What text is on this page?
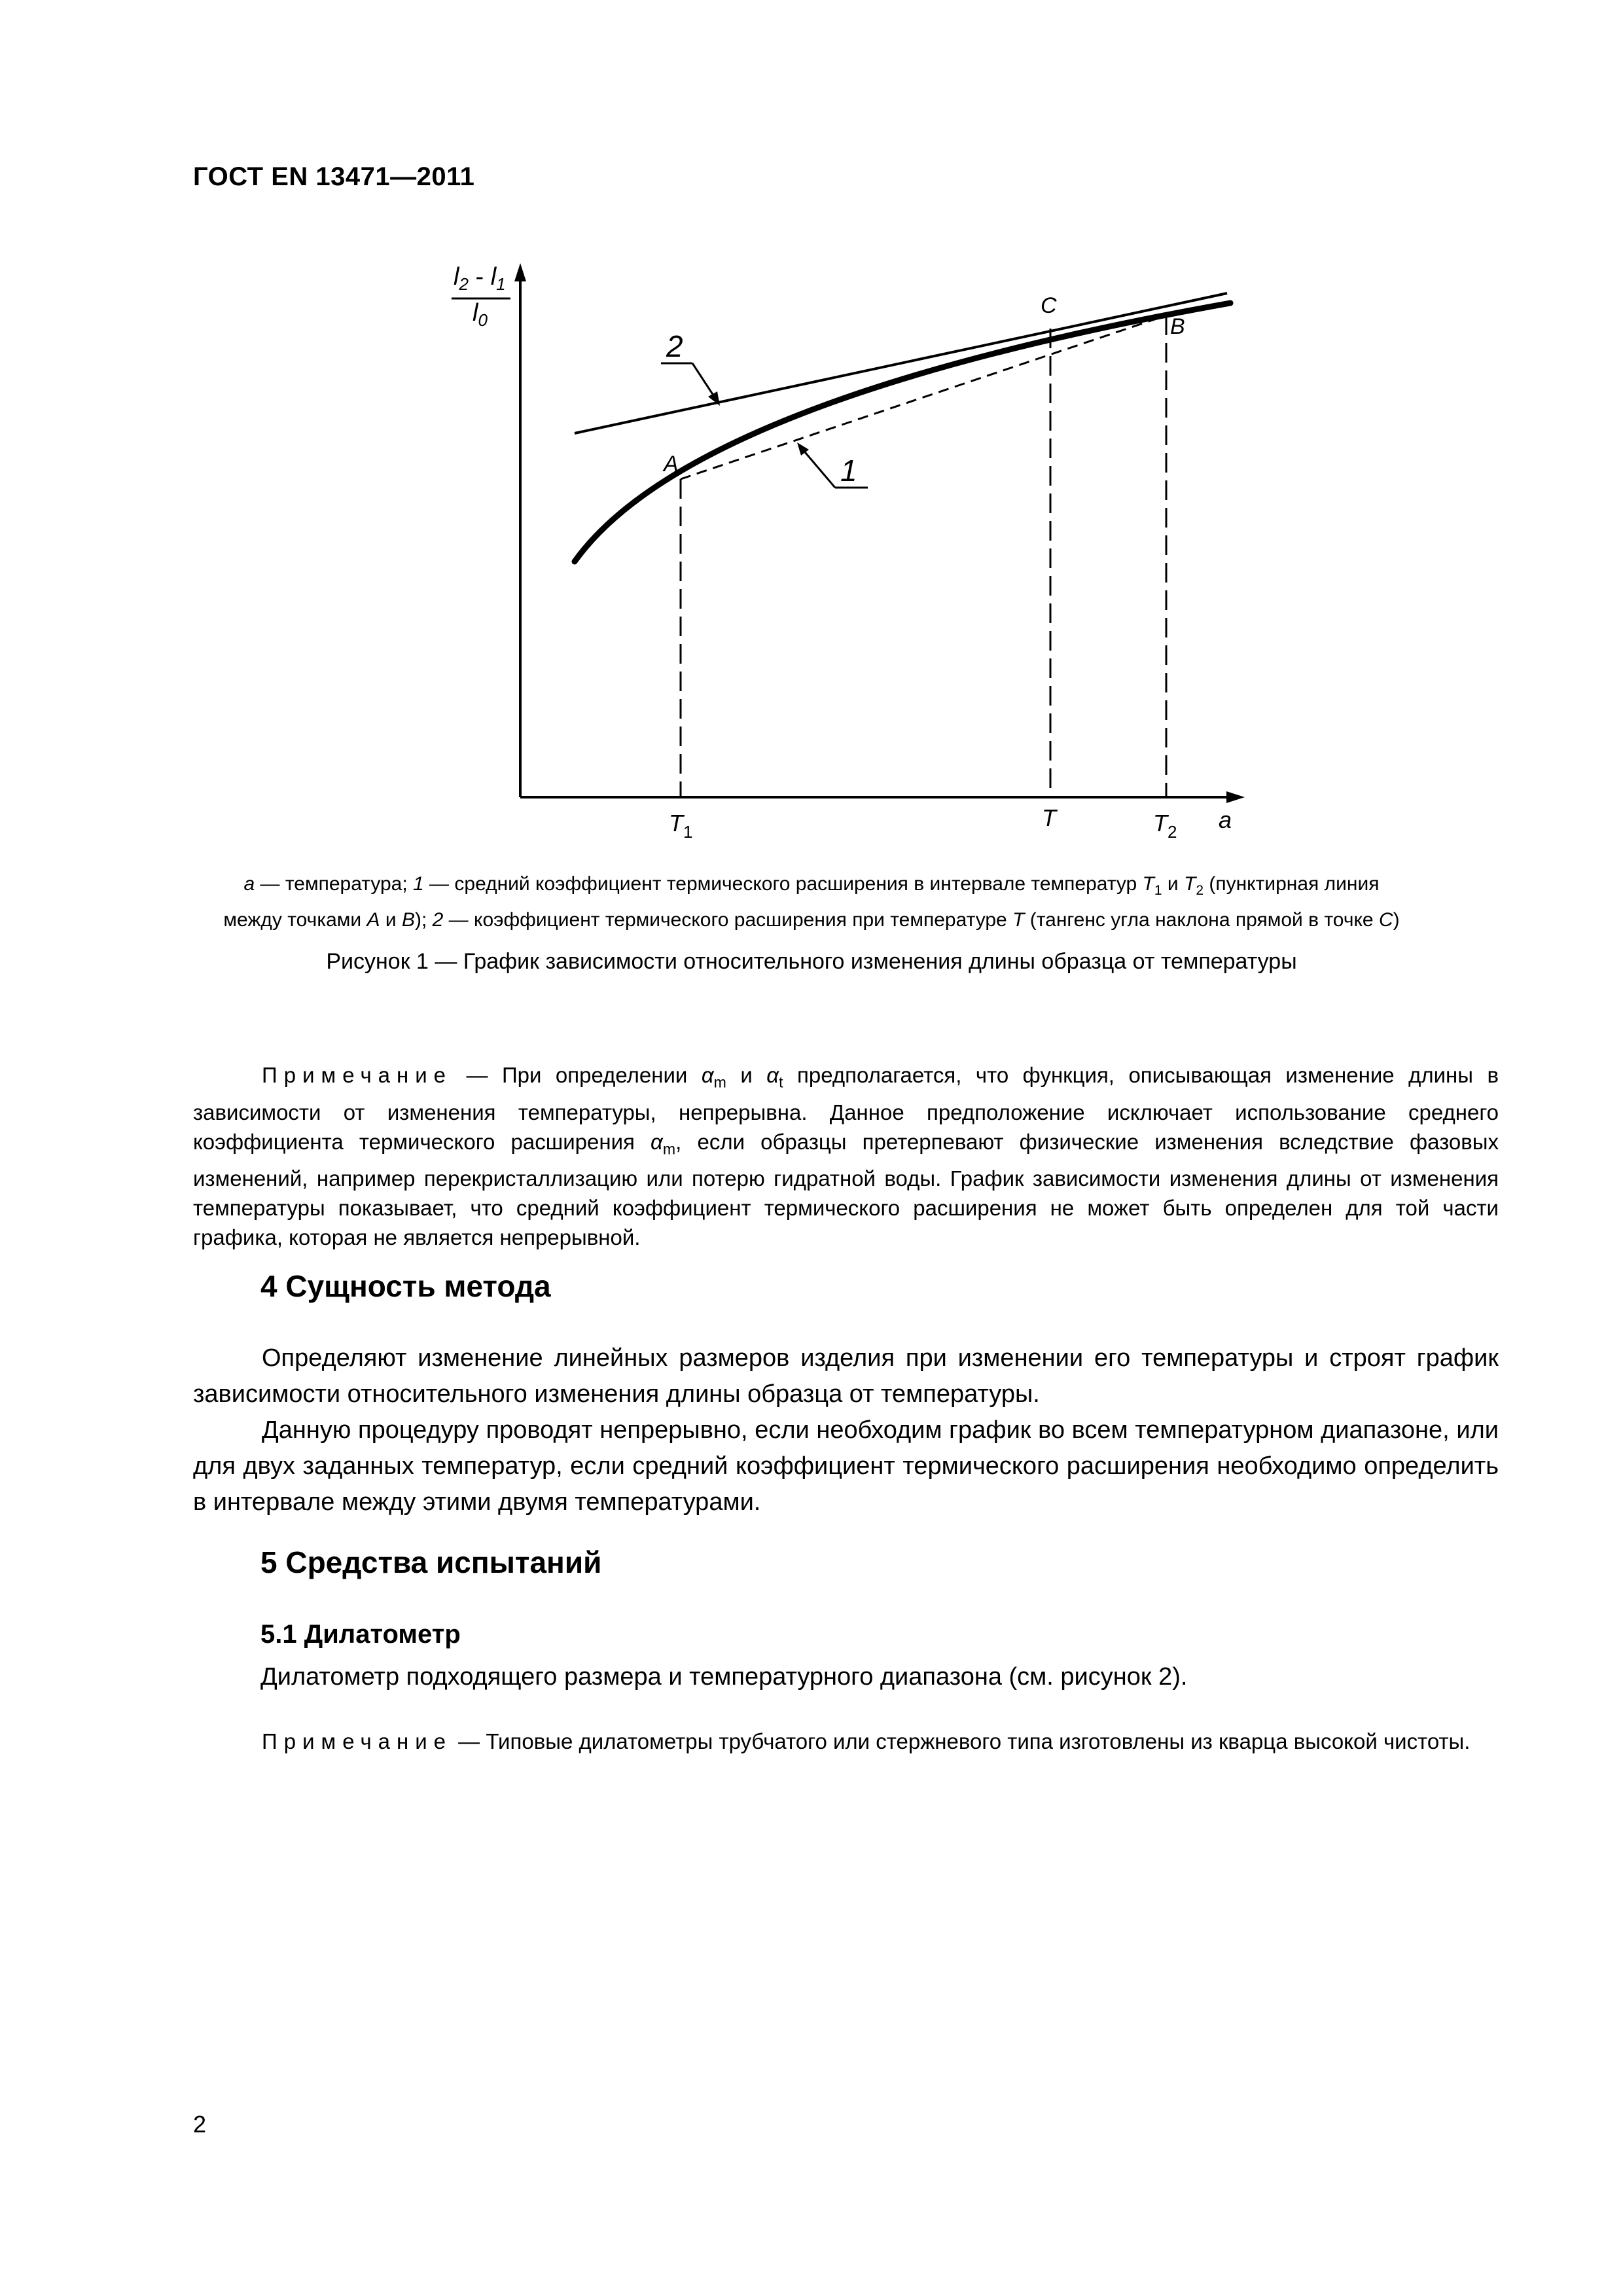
ГОСТ EN 13471—2011
$l_2 - l_1$
$l_0$
A
C
B
2
1
$T_1$
T	$T_2$ a
a — температура; 1 — средний коэффициент термического расширения в интервале температур $T_1$ и $T_2$ (пунктирная линия
между точками A и B); 2 — коэффициент термического расширения при температуре T (тангенс угла наклона прямой в точке C)
Рисунок 1 — График зависимости относительного изменения длины образца от температуры

Примечание — При определении $\alpha_m$ и $\alpha_t$ предполагается, что функция, описывающая изменение длины в зависимости от изменения температуры, непрерывна. Данное предположение исключает использование среднего коэффициента термического расширения $\alpha_m$, если образцы претерпевают физические изменения вследствие фазовых изменений, например перекристаллизацию или потерю гидратной воды. График зависимости изменения длины от изменения температуры показывает, что средний коэффициент термического расширения не может быть определен для той части графика, которая не является непрерывной.

4 Сущность метода

Определяют изменение линейных размеров изделия при изменении его температуры и строят график зависимости относительного изменения длины образца от температуры.

Данную процедуру проводят непрерывно, если необходим график во всем температурном диапазоне, или для двух заданных температур, если средний коэффициент термического расширения необходимо определить в интервале между этими двумя температурами.

5 Средства испытаний
5.1 Дилатометр

Дилатометр подходящего размера и температурного диапазона (см. рисунок 2).

Примечание — Типовые дилатометры трубчатого или стержневого типа изготовлены из кварца высокой чистоты.

2
